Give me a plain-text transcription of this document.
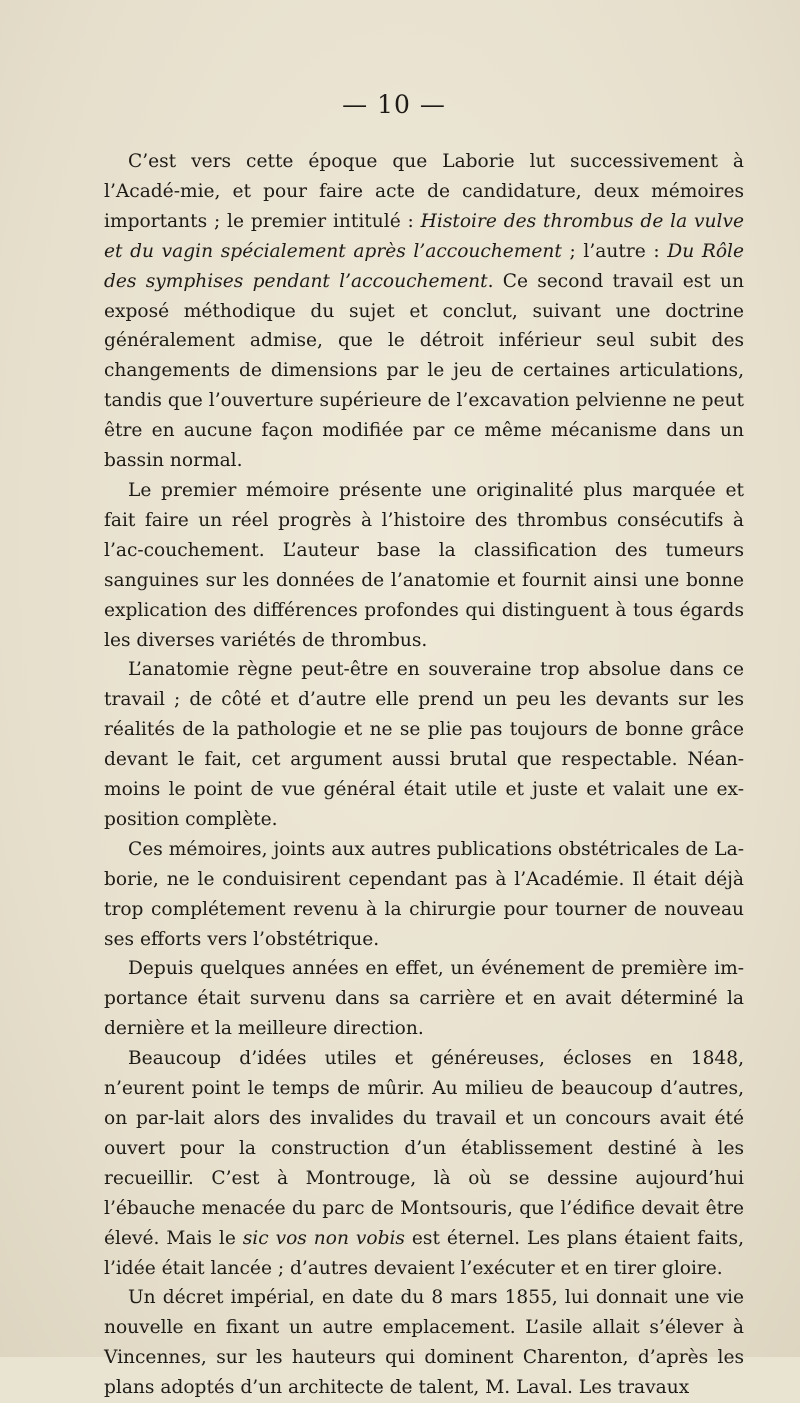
— 10 —

C’est vers cette époque que Laborie lut successivement à l’Acadé-mie, et pour faire acte de candidature, deux mémoires importants ; le premier intitulé : Histoire des thrombus de la vulve et du vagin spécialement après l’accouchement ; l’autre : Du Rôle des symphises pendant l’accouchement. Ce second travail est un exposé méthodique du sujet et conclut, suivant une doctrine généralement admise, que le détroit inférieur seul subit des changements de dimensions par le jeu de certaines articulations, tandis que l’ouverture supérieure de l’excavation pelvienne ne peut être en aucune façon modifiée par ce même mécanisme dans un bassin normal.

Le premier mémoire présente une originalité plus marquée et fait faire un réel progrès à l’histoire des thrombus consécutifs à l’ac-couchement. L’auteur base la classification des tumeurs sanguines sur les données de l’anatomie et fournit ainsi une bonne explication des différences profondes qui distinguent à tous égards les diverses variétés de thrombus.

L’anatomie règne peut-être en souveraine trop absolue dans ce travail ; de côté et d’autre elle prend un peu les devants sur les réalités de la pathologie et ne se plie pas toujours de bonne grâce devant le fait, cet argument aussi brutal que respectable. Néan-moins le point de vue général était utile et juste et valait une ex-position complète.

Ces mémoires, joints aux autres publications obstétricales de La-borie, ne le conduisirent cependant pas à l’Académie. Il était déjà trop complétement revenu à la chirurgie pour tourner de nouveau ses efforts vers l’obstétrique.

Depuis quelques années en effet, un événement de première im-portance était survenu dans sa carrière et en avait déterminé la dernière et la meilleure direction.

Beaucoup d’idées utiles et généreuses, écloses en 1848, n’eurent point le temps de mûrir. Au milieu de beaucoup d’autres, on par-lait alors des invalides du travail et un concours avait été ouvert pour la construction d’un établissement destiné à les recueillir. C’est à Montrouge, là où se dessine aujourd’hui l’ébauche menacée du parc de Montsouris, que l’édifice devait être élevé. Mais le sic vos non vobis est éternel. Les plans étaient faits, l’idée était lancée ; d’autres devaient l’exécuter et en tirer gloire.

Un décret impérial, en date du 8 mars 1855, lui donnait une vie nouvelle en fixant un autre emplacement. L’asile allait s’élever à Vincennes, sur les hauteurs qui dominent Charenton, d’après les plans adoptés d’un architecte de talent, M. Laval. Les travaux
